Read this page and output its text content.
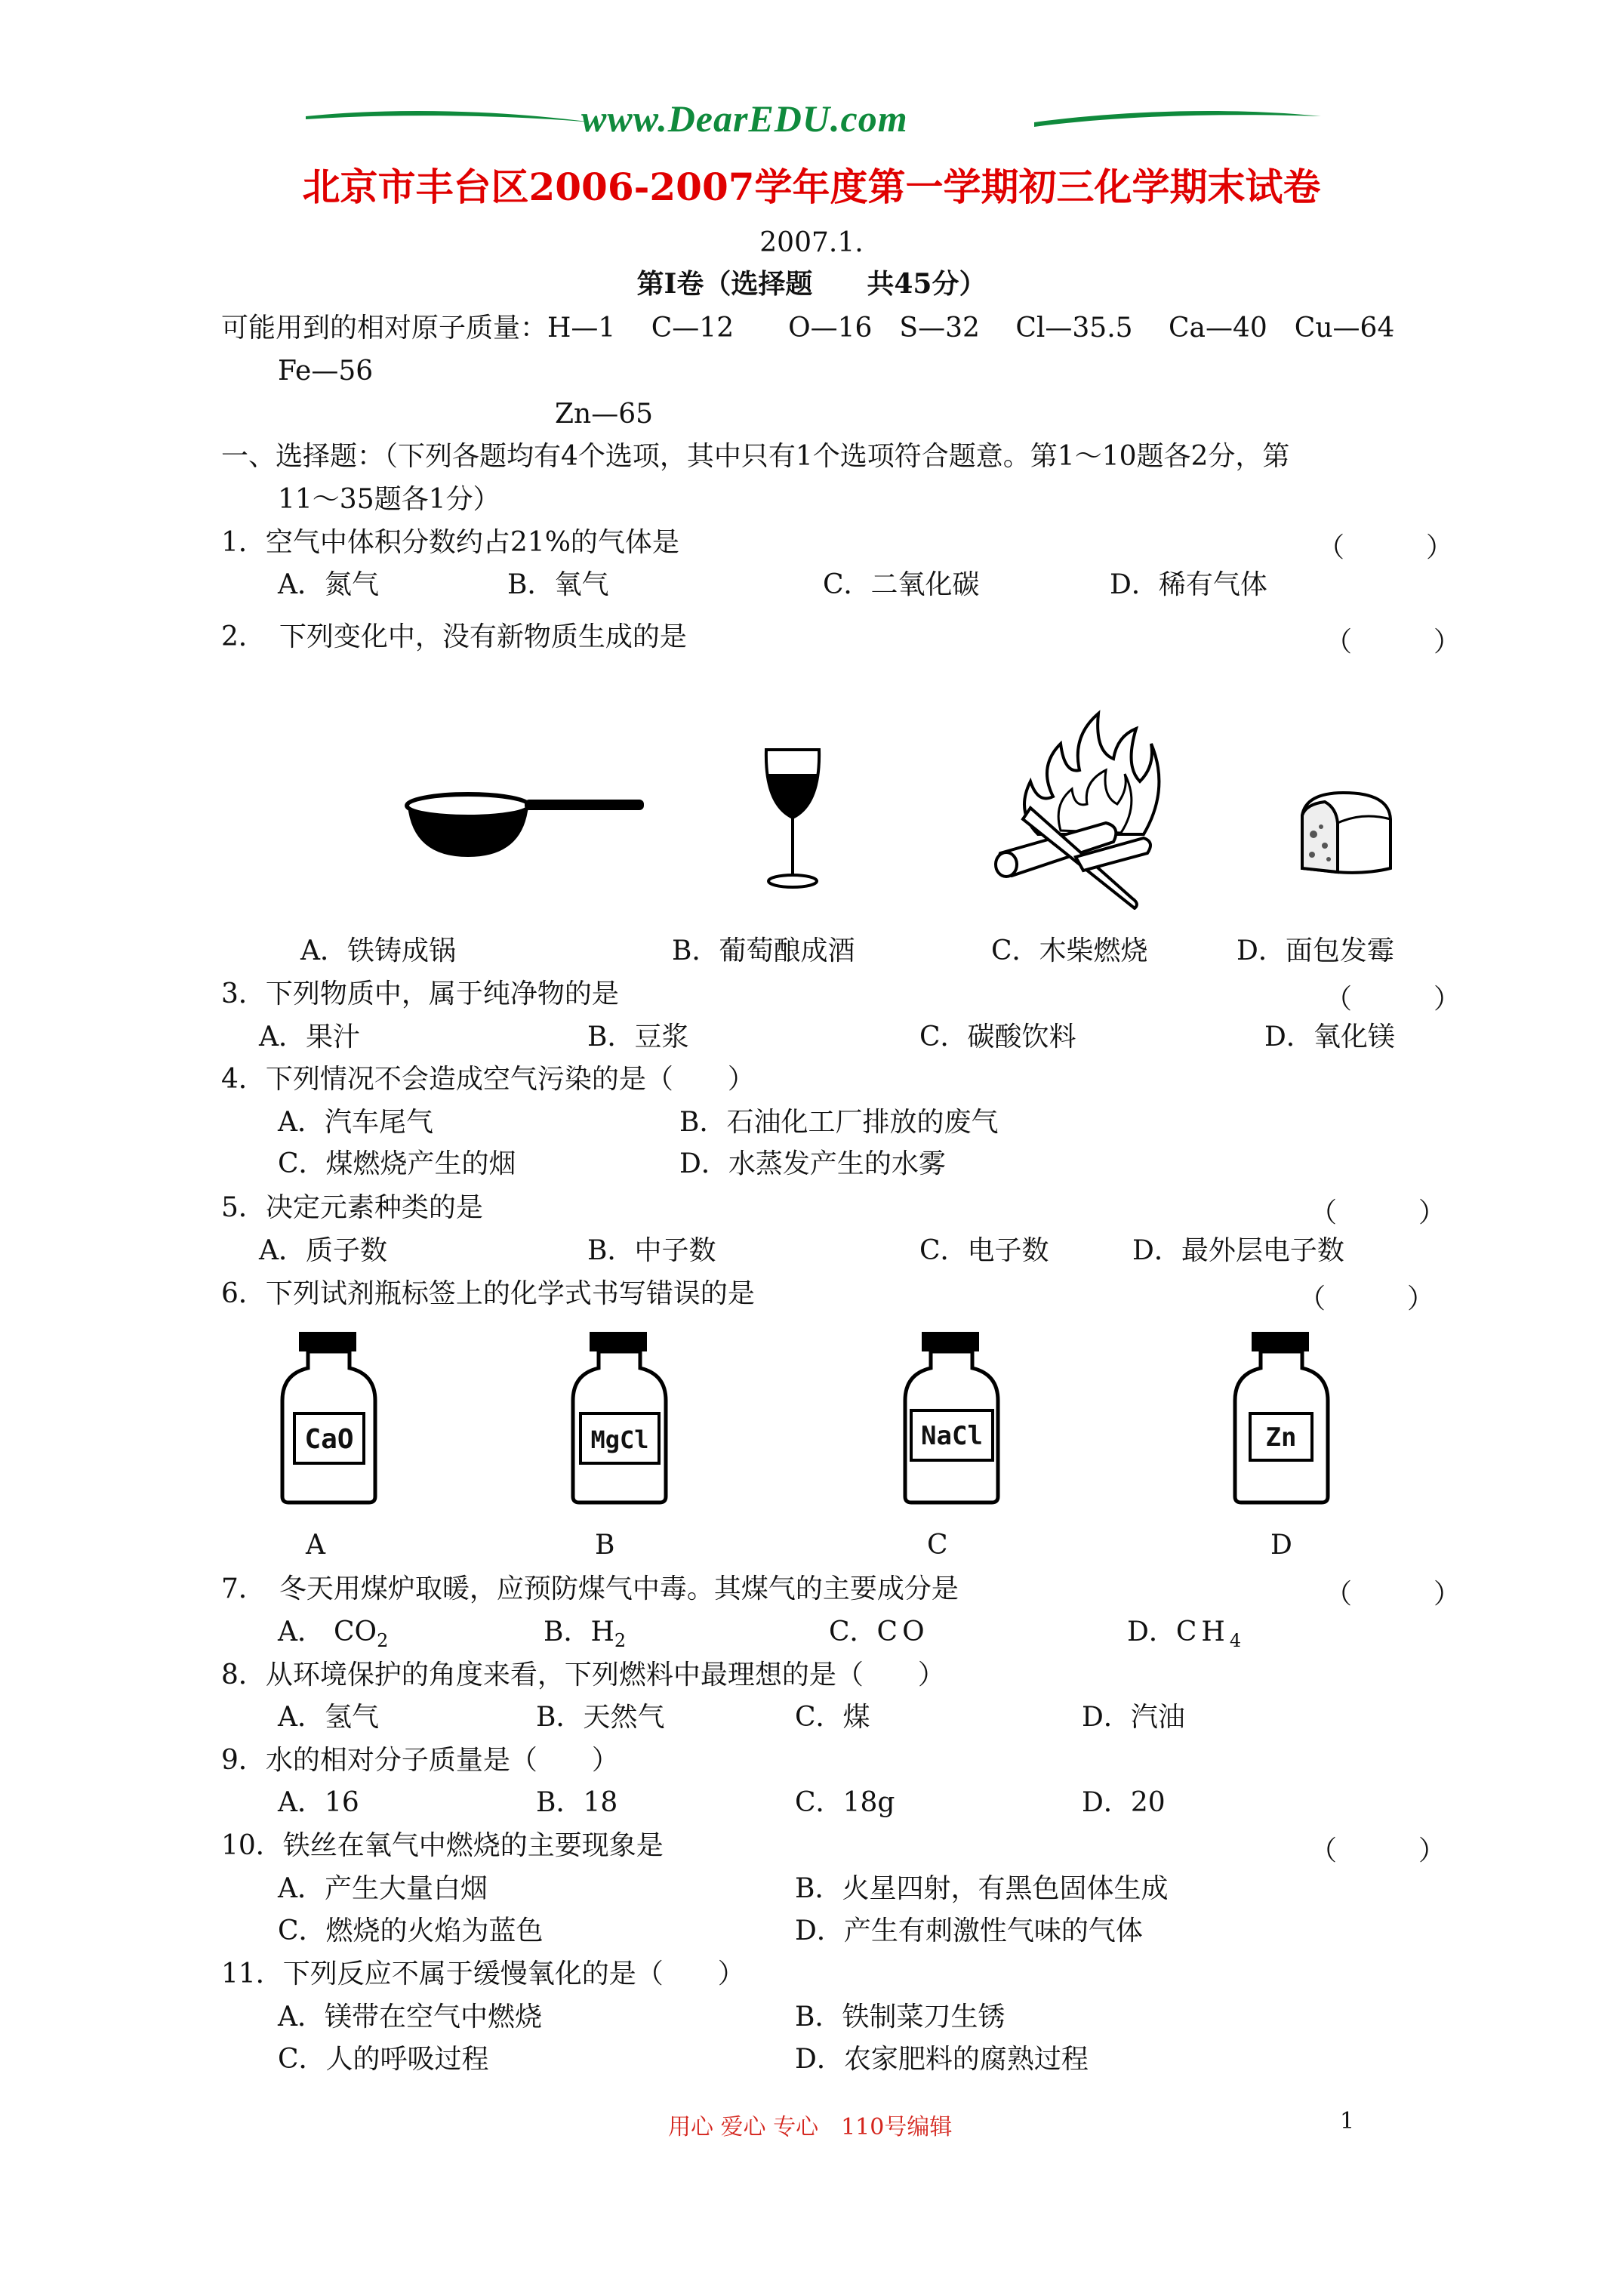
www.DearEDU.com
北京市丰台区2006-2007学年度第一学期初三化学期末试卷
2007.1.
第Ⅰ卷（选择题　　共45分）
可能用到的相对原子质量：H—1　 C—12　　O—16　S—32　 Cl—35.5　 Ca—40　Cu—64
Fe—56
Zn—65
一、选择题：（下列各题均有4个选项，其中只有1个选项符合题意。第1～10题各2分，第
11～35题各1分）
1．空气中体积分数约占21%的气体是	（　　　）
A．氮气	B．氧气	C．二氧化碳	D．稀有气体
2．　下列变化中，没有新物质生成的是	（　　　）
A．铁铸成锅	B．葡萄酿成酒	C．木柴燃烧	D．面包发霉
3．下列物质中，属于纯净物的是	（　　　）
A．果汁	B．豆浆	C．碳酸饮料	D．氧化镁
4．下列情况不会造成空气污染的是（　　）
A．汽车尾气	B．石油化工厂排放的废气
C．煤燃烧产生的烟	D．水蒸发产生的水雾
5．决定元素种类的是	（　　　）
A．质子数	B．中子数	C．电子数	D．最外层电子数
6．下列试剂瓶标签上的化学式书写错误的是	（　　　）
CaO	MgCl	NaCl	Zn
A	B	C	D
7．　冬天用煤炉取暖，应预防煤气中毒。其煤气的主要成分是	（　　　）
A． $CO_2$	B．$H_2$	C．CO	D．$CH_4$
8．从环境保护的角度来看，下列燃料中最理想的是（　　）
A．氢气	B．天然气	C．煤	D．汽油
9．水的相对分子质量是（　　）
A．16	B．18	C．18g	D．20
10．铁丝在氧气中燃烧的主要现象是	（　　　）
A．产生大量白烟	B．火星四射，有黑色固体生成
C．燃烧的火焰为蓝色	D．产生有刺激性气味的气体
11．下列反应不属于缓慢氧化的是（　　）
A．镁带在空气中燃烧	B．铁制菜刀生锈
C．人的呼吸过程	D．农家肥料的腐熟过程
用心 爱心 专心　110号编辑	1
